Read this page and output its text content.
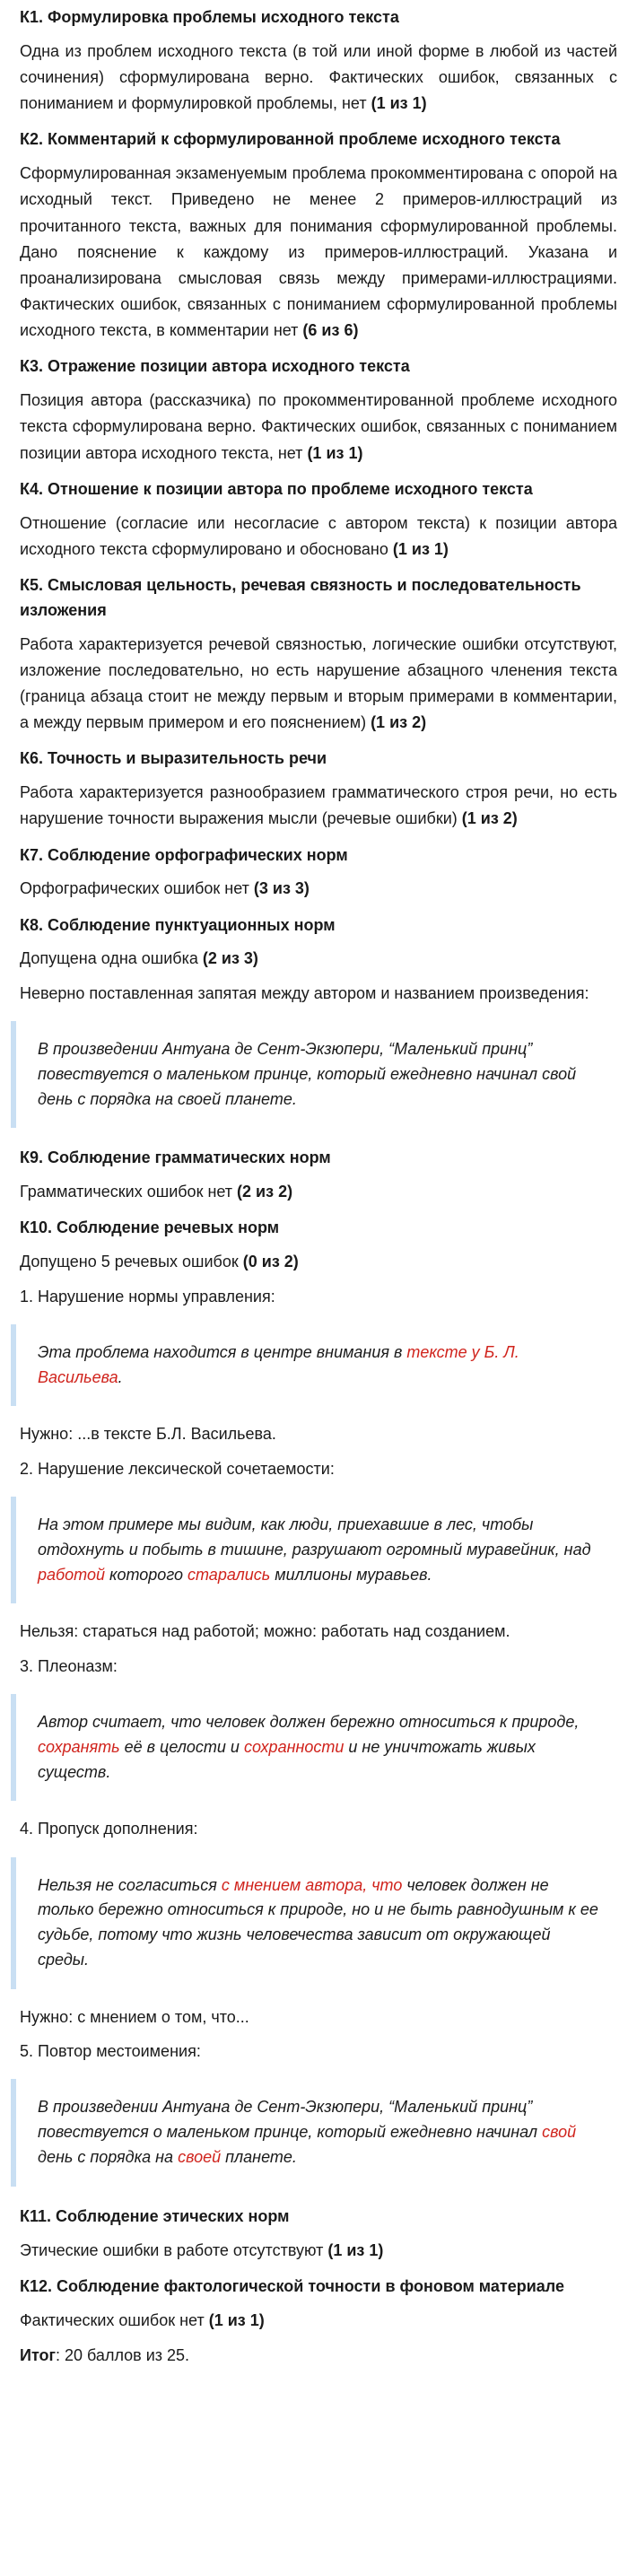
К1. Формулировка проблемы исходного текста

Одна из проблем исходного текста (в той или иной форме в любой из частей сочинения) сформулирована верно. Фактических ошибок, связанных с пониманием и формулировкой проблемы, нет (1 из 1)

К2. Комментарий к сформулированной проблеме исходного текста

Сформулированная экзаменуемым проблема прокомментирована с опорой на исходный текст. Приведено не менее 2 примеров-иллюстраций из прочитанного текста, важных для понимания сформулированной проблемы. Дано пояснение к каждому из примеров-иллюстраций. Указана и проанализирована смысловая связь между примерами-иллюстрациями. Фактических ошибок, связанных с пониманием сформулированной проблемы исходного текста, в комментарии нет (6 из 6)

К3. Отражение позиции автора исходного текста

Позиция автора (рассказчика) по прокомментированной проблеме исходного текста сформулирована верно. Фактических ошибок, связанных с пониманием позиции автора исходного текста, нет (1 из 1)

К4. Отношение к позиции автора по проблеме исходного текста

Отношение (согласие или несогласие с автором текста) к позиции автора исходного текста сформулировано и обосновано (1 из 1)

К5. Смысловая цельность, речевая связность и последовательность изложения

Работа характеризуется речевой связностью, логические ошибки отсутствуют, изложение последовательно, но есть нарушение абзацного членения текста (граница абзаца стоит не между первым и вторым примерами в комментарии, а между первым примером и его пояснением) (1 из 2)

К6. Точность и выразительность речи

Работа характеризуется разнообразием грамматического строя речи, но есть нарушение точности выражения мысли (речевые ошибки) (1 из 2)

К7. Соблюдение орфографических норм

Орфографических ошибок нет (3 из 3)

К8. Соблюдение пунктуационных норм

Допущена одна ошибка (2 из 3)

Неверно поставленная запятая между автором и названием произведения:

В произведении Антуана де Сент-Экзюпери, “Маленький принц” повествуется о маленьком принце, который ежедневно начинал свой день с порядка на своей планете.
К9. Соблюдение грамматических норм

Грамматических ошибок нет (2 из 2)

К10. Соблюдение речевых норм

Допущено 5 речевых ошибок (0 из 2)

1. Нарушение нормы управления:

Эта проблема находится в центре внимания в тексте у Б. Л. Васильева.

Нужно: ...в тексте Б.Л. Васильева.

2. Нарушение лексической сочетаемости:

На этом примере мы видим, как люди, приехавшие в лес, чтобы отдохнуть и побыть в тишине, разрушают огромный муравейник, над работой которого старались миллионы муравьев.

Нельзя: стараться над работой; можно: работать над созданием.

3. Плеоназм:

Автор считает, что человек должен бережно относиться к природе, сохранять её в целости и сохранности и не уничтожать живых существ.

4. Пропуск дополнения:

Нельзя не согласиться с мнением автора, что человек должен не только бережно относиться к природе, но и не быть равнодушным к ее судьбе, потому что жизнь человечества зависит от окружающей среды.

Нужно: с мнением о том, что...

5. Повтор местоимения:

В произведении Антуана де Сент-Экзюпери, “Маленький принц” повествуется о маленьком принце, который ежедневно начинал свой день с порядка на своей планете.
К11. Соблюдение этических норм

Этические ошибки в работе отсутствуют (1 из 1)

К12. Соблюдение фактологической точности в фоновом материале

Фактических ошибок нет (1 из 1)

Итог: 20 баллов из 25.
